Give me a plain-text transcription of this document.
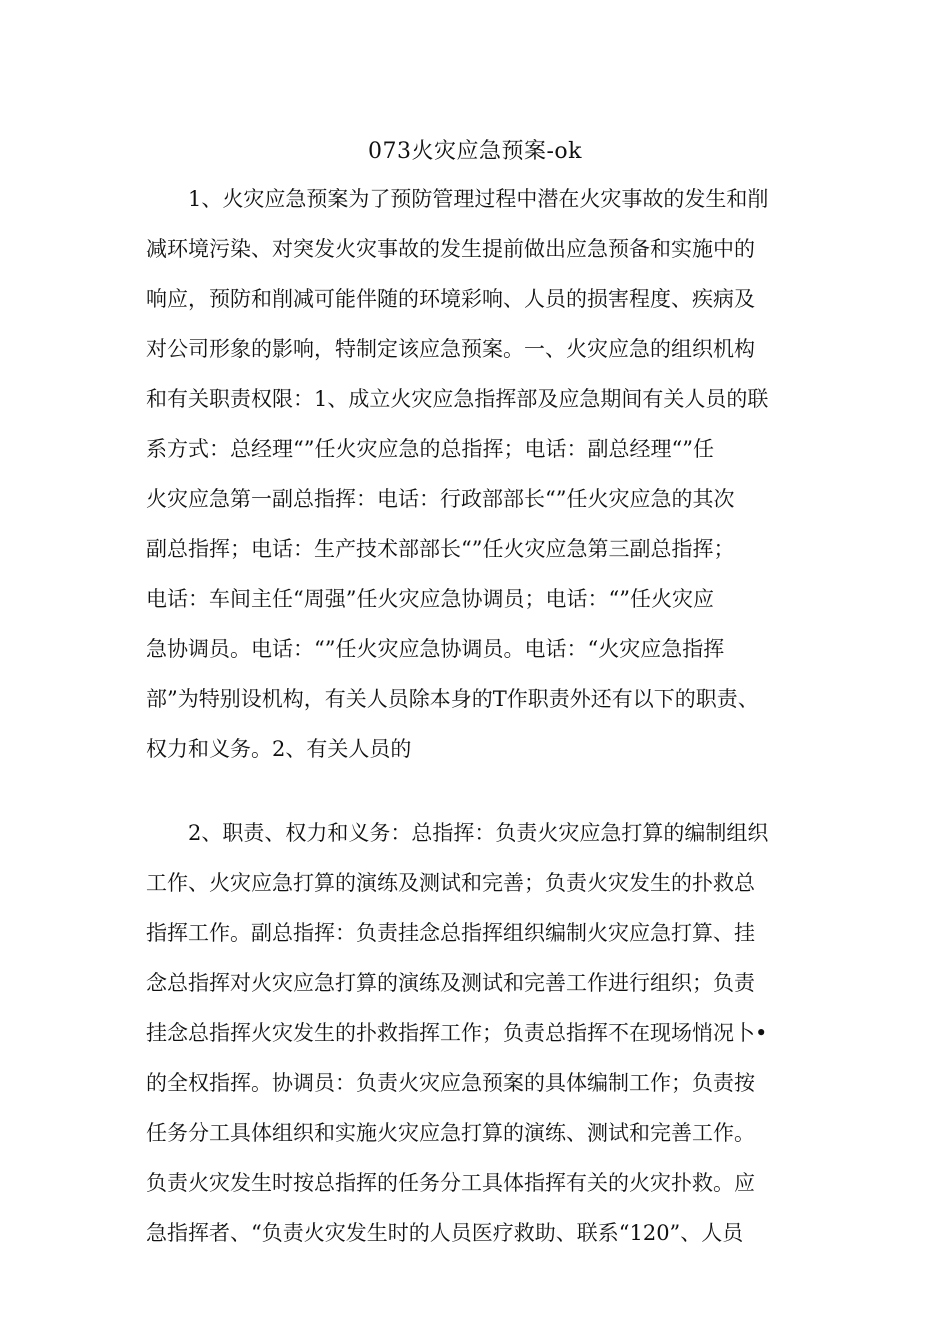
073火灾应急预案-ok
1、火灾应急预案为了预防管理过程中潜在火灾事故的发生和削
减环境污染、对突发火灾事故的发生提前做出应急预备和实施中的
响应，预防和削减可能伴随的环境彩响、人员的损害程度、疾病及
对公司形象的影响，特制定该应急预案。一、火灾应急的组织机构
和有关职责权限：1、成立火灾应急指挥部及应急期间有关人员的联
系方式：总经理“”任火灾应急的总指挥；电话：副总经理“”任
火灾应急第一副总指挥：电话：行政部部长“”任火灾应急的其次
副总指挥；电话：生产技术部部长“”任火灾应急第三副总指挥；
电话：车间主任“周强”任火灾应急协调员；电话：“”任火灾应
急协调员。电话：“”任火灾应急协调员。电话：“火灾应急指挥
部”为特别设机构，有关人员除本身的T作职责外还有以下的职责、
权力和义务。2、有关人员的
2、职责、权力和义务：总指挥：负责火灾应急打算的编制组织
工作、火灾应急打算的演练及测试和完善；负责火灾发生的扑救总
指挥工作。副总指挥：负责挂念总指挥组织编制火灾应急打算、挂
念总指挥对火灾应急打算的演练及测试和完善工作进行组织；负责
挂念总指挥火灾发生的扑救指挥工作；负责总指挥不在现场悄况卜•
的全权指挥。协调员：负责火灾应急预案的具体编制工作；负责按
任务分工具体组织和实施火灾应急打算的演练、测试和完善工作。
负责火灾发生时按总指挥的任务分工具体指挥有关的火灾扑救。应
急指挥者、“负责火灾发生时的人员医疗救助、联系“120”、人员
